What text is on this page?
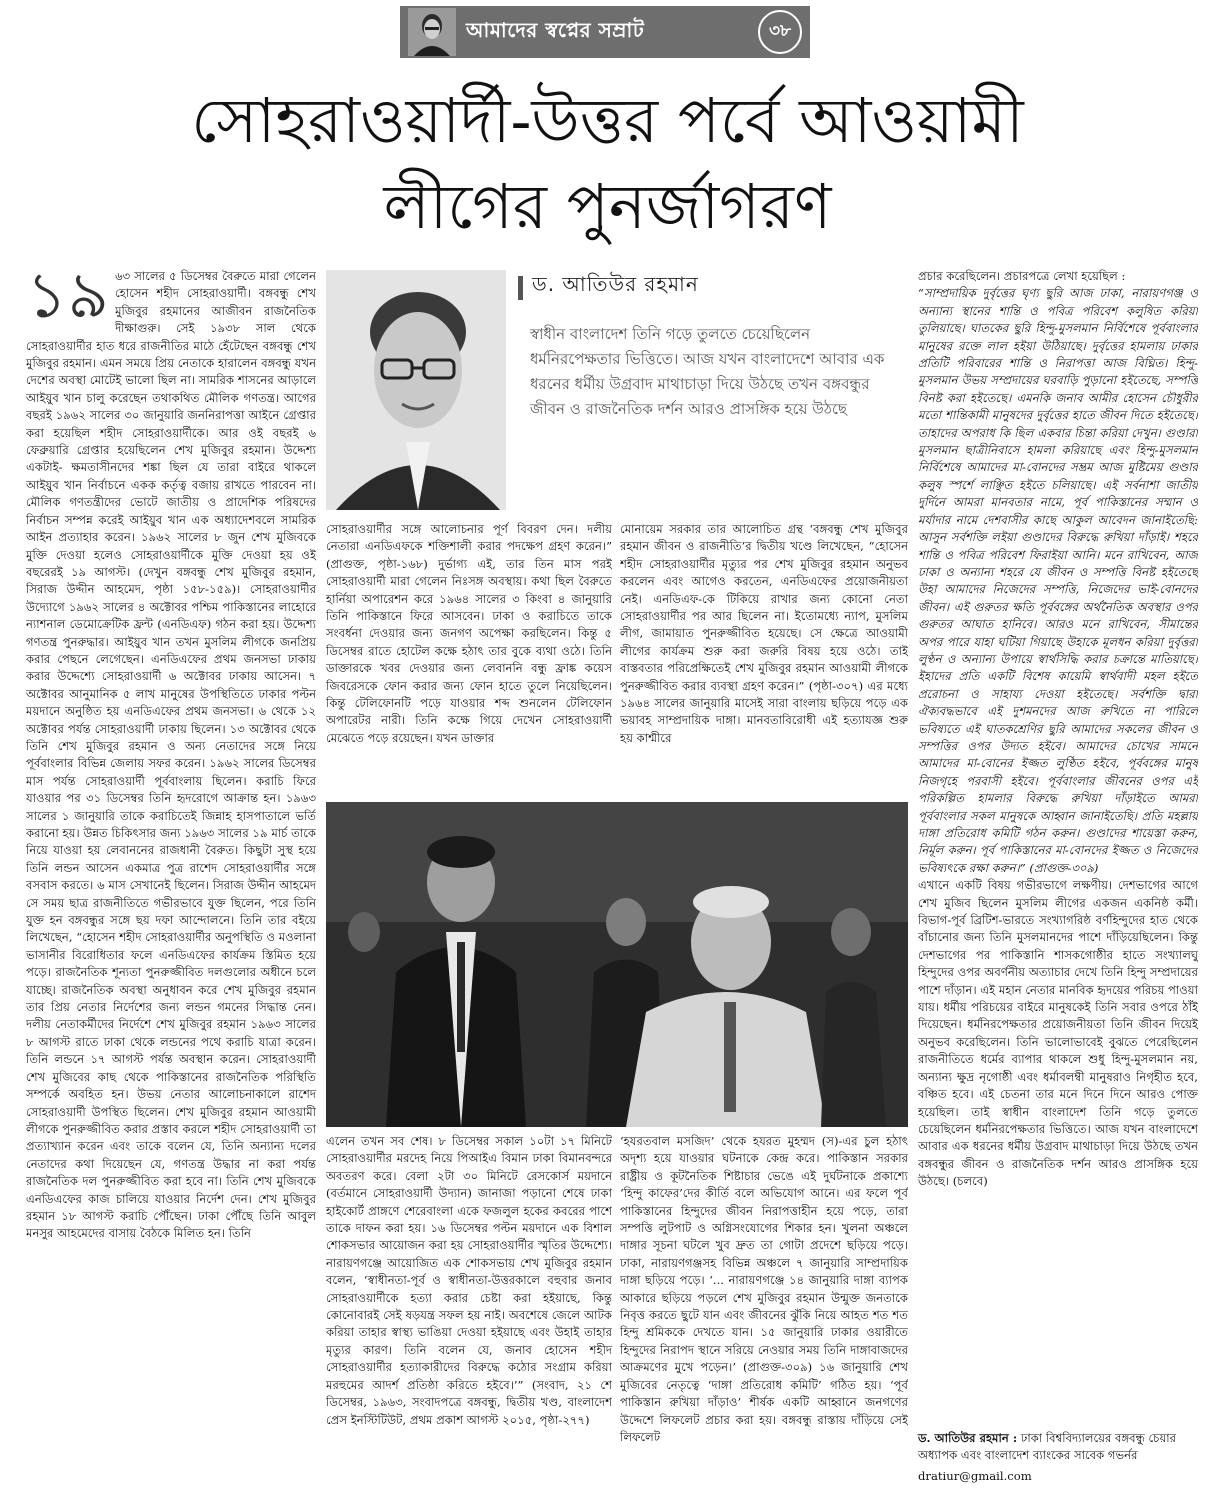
আমাদের স্বপ্নের সম্রাট	৩৮
সোহরাওয়ার্দী-উত্তর পর্বে আওয়ামী
লীগের পুনর্জাগরণ
১৯ ৬৩ সালের ৫ ডিসেম্বর বৈরুতে মারা গেলেন হোসেন শহীদ সোহরাওয়ার্দী। বঙ্গবন্ধু শেখ মুজিবুর রহমানের আজীবন রাজনৈতিক দীক্ষাগুরু। সেই ১৯৩৮ সাল থেকে সোহরাওয়ার্দীর হাত ধরে রাজনীতির মাঠে হেঁটেছেন বঙ্গবন্ধু শেখ মুজিবুর রহমান। এমন সময়ে প্রিয় নেতাকে হারালেন বঙ্গবন্ধু যখন দেশের অবস্থা মোটেই ভালো ছিল না। সামরিক শাসনের আড়ালে আইয়ুব খান চালু করেছেন তথাকথিত মৌলিক গণতন্ত্র। আগের বছরই ১৯৬২ সালের ৩০ জানুয়ারি জননিরাপত্তা আইনে গ্রেপ্তার করা হয়েছিল শহীদ সোহরাওয়ার্দীকে। আর ওই বছরই ৬ ফেব্রুয়ারি গ্রেপ্তার হয়েছিলেন শেখ মুজিবুর রহমান। উদ্দেশ্য একটাই- ক্ষমতাসীনদের শঙ্কা ছিল যে তারা বাইরে থাকলে আইয়ুব খান নির্বাচনে একক কর্তৃত্ব বজায় রাখতে পারবেন না। মৌলিক গণতন্ত্রীদের ভোটে জাতীয় ও প্রাদেশিক পরিষদের নির্বাচন সম্পন্ন করেই আইয়ুব খান এক অধ্যাদেশবলে সামরিক আইন প্রত্যাহার করেন। ১৯৬২ সালের ৮ জুন শেখ মুজিবকে মুক্তি দেওয়া হলেও সোহরাওয়ার্দীকে মুক্তি দেওয়া হয় ওই বছরেরই ১৯ আগস্ট। (দেখুন বঙ্গবন্ধু শেখ মুজিবুর রহমান, সিরাজ উদ্দীন আহমেদ, পৃষ্ঠা ১৫৮-১৫৯)। সোহরাওয়ার্দীর উদ্যোগে ১৯৬২ সালের ৪ অক্টোবর পশ্চিম পাকিস্তানের লাহোরে ন্যাশনাল ডেমোক্রেটিক ফ্রন্ট (এনডিএফ) গঠন করা হয়। উদ্দেশ্য গণতন্ত্র পুনরুদ্ধার। আইয়ুব খান তখন মুসলিম লীগকে জনপ্রিয় করার পেছনে লেগেছেন। এনডিএফের প্রথম জনসভা ঢাকায় করার উদ্দেশ্যে সোহরাওয়ার্দী ৬ অক্টোবর ঢাকায় আসেন। ৭ অক্টোবর আনুমানিক ৫ লাখ মানুষের উপস্থিতিতে ঢাকার পল্টন ময়দানে অনুষ্ঠিত হয় এনডিএফের প্রথম জনসভা। ৬ থেকে ১২ অক্টোবর পর্যন্ত সোহরাওয়ার্দী ঢাকায় ছিলেন। ১৩ অক্টোবর থেকে তিনি শেখ মুজিবুর রহমান ও অন্য নেতাদের সঙ্গে নিয়ে পূর্ববাংলার বিভিন্ন জেলায় সফর করেন। ১৯৬২ সালের ডিসেম্বর মাস পর্যন্ত সোহরাওয়ার্দী পূর্ববাংলায় ছিলেন। করাচি ফিরে যাওয়ার পর ৩১ ডিসেম্বর তিনি হৃদরোগে আক্রান্ত হন। ১৯৬৩ সালের ১ জানুয়ারি তাকে করাচিতেই জিন্নাহ হাসপাতালে ভর্তি করানো হয়। উন্নত চিকিৎসার জন্য ১৯৬৩ সালের ১৯ মার্চ তাকে নিয়ে যাওয়া হয় লেবাননের রাজধানী বৈরুত। কিছুটা সুস্থ হয়ে তিনি লন্ডন আসেন একমাত্র পুত্র রাশেদ সোহরাওয়ার্দীর সঙ্গে বসবাস করতে। ৬ মাস সেখানেই ছিলেন। সিরাজ উদ্দীন আহমেদ সে সময় ছাত্র রাজনীতিতে গভীরভাবে যুক্ত ছিলেন, পরে তিনি যুক্ত হন বঙ্গবন্ধুর সঙ্গে ছয় দফা আন্দোলনে। তিনি তার বইয়ে লিখেছেন, “হোসেন শহীদ সোহরাওয়ার্দীর অনুপস্থিতি ও মওলানা ভাসানীর বিরোধিতার ফলে এনডিএফের কার্যক্রম স্তিমিত হয়ে পড়ে। রাজনৈতিক শূন্যতা পুনরুজ্জীবিত দলগুলোর অধীনে চলে যাচ্ছে। রাজনৈতিক অবস্থা অনুধাবন করে শেখ মুজিবুর রহমান তার প্রিয় নেতার নির্দেশের জন্য লন্ডন গমনের সিদ্ধান্ত নেন। দলীয় নেতাকর্মীদের নির্দেশে শেখ মুজিবুর রহমান ১৯৬৩ সালের ৮ আগস্ট রাতে ঢাকা থেকে লন্ডনের পথে করাচি যাত্রা করেন। তিনি লন্ডনে ১৭ আগস্ট পর্যন্ত অবস্থান করেন। সোহরাওয়ার্দী শেখ মুজিবের কাছ থেকে পাকিস্তানের রাজনৈতিক পরিস্থিতি সম্পর্কে অবহিত হন। উভয় নেতার আলোচনাকালে রাশেদ সোহরাওয়ার্দী উপস্থিত ছিলেন। শেখ মুজিবুর রহমান আওয়ামী লীগকে পুনরুজ্জীবিত করার প্রস্তাব করলে শহীদ সোহরাওয়ার্দী তা প্রত্যাখ্যান করেন এবং তাকে বলেন যে, তিনি অন্যান্য দলের নেতাদের কথা দিয়েছেন যে, গণতন্ত্র উদ্ধার না করা পর্যন্ত রাজনৈতিক দল পুনরুজ্জীবিত করা হবে না। তিনি শেখ মুজিবকে এনডিএফের কাজ চালিয়ে যাওয়ার নির্দেশ দেন। শেখ মুজিবুর রহমান ১৮ আগস্ট করাচি পৌঁছেন। ঢাকা পৌঁছে তিনি আবুল মনসুর আহমেদের বাসায় বৈঠকে মিলিত হন। তিনি

ড. আতিউর রহমান
স্বাধীন বাংলাদেশ তিনি গড়ে তুলতে চেয়েছিলেন ধর্মনিরপেক্ষতার ভিত্তিতে। আজ যখন বাংলাদেশে আবার এক ধরনের ধর্মীয় উগ্রবাদ মাথাচাড়া দিয়ে উঠছে তখন বঙ্গবন্ধুর জীবন ও রাজনৈতিক দর্শন আরও প্রাসঙ্গিক হয়ে উঠছে

সোহরাওয়ার্দীর সঙ্গে আলোচনার পূর্ণ বিবরণ দেন। দলীয় নেতারা এনডিএফকে শক্তিশালী করার পদক্ষেপ গ্রহণ করেন।” (প্রাগুক্ত, পৃষ্ঠা-১৬৮) দুর্ভাগ্য এই, তার তিন মাস পরই সোহরাওয়ার্দী মারা গেলেন নিঃসঙ্গ অবস্থায়। কথা ছিল বৈরুতে হার্নিয়া অপারেশন করে ১৯৬৪ সালের ৩ কিংবা ৪ জানুয়ারি তিনি পাকিস্তানে ফিরে আসবেন। ঢাকা ও করাচিতে তাকে সংবর্ধনা দেওয়ার জন্য জনগণ অপেক্ষা করছিলেন। কিন্তু ৫ ডিসেম্বর রাতে হোটেল কক্ষে হঠাৎ তার বুকে ব্যথা ওঠে। তিনি ডাক্তারকে খবর দেওয়ার জন্য লেবাননি বন্ধু ফ্রাঙ্ক কয়েস জিবরেসকে ফোন করার জন্য ফোন হাতে তুলে নিয়েছিলেন। কিন্তু টেলিফোনটি পড়ে যাওয়ার শব্দ শুনলেন টেলিফোন অপারেটর নারী। তিনি কক্ষে গিয়ে দেখেন সোহরাওয়ার্দী মেঝেতে পড়ে রয়েছেন। যখন ডাক্তার

মোনায়েম সরকার তার আলোচিত গ্রন্থ ‘বঙ্গবন্ধু শেখ মুজিবুর রহমান জীবন ও রাজনীতি’র দ্বিতীয় খণ্ডে লিখেছেন, “হোসেন শহীদ সোহরাওয়ার্দীর মৃত্যুর পর শেখ মুজিবুর রহমান অনুভব করলেন এবং আগেও করতেন, এনডিএফের প্রয়োজনীয়তা নেই। এনডিএফ-কে টিকিয়ে রাখার জন্য কোনো নেতা সোহরাওয়ার্দীর পর আর ছিলেন না। ইতোমধ্যে ন্যাপ, মুসলিম লীগ, জামায়াত পুনরুজ্জীবিত হয়েছে। সে ক্ষেত্রে আওয়ামী লীগের কার্যক্রম শুরু করা জরুরি বিষয় হয়ে ওঠে। তাই বাস্তবতার পরিপ্রেক্ষিতেই শেখ মুজিবুর রহমান আওয়ামী লীগকে পুনরুজ্জীবিত করার ব্যবস্থা গ্রহণ করেন।” (পৃষ্ঠা-৩০৭) এর মধ্যে ১৯৬৪ সালের জানুয়ারি মাসেই সারা বাংলায় ছড়িয়ে পড়ে এক ভয়াবহ সাম্প্রদায়িক দাঙ্গা। মানবতাবিরোধী এই হত্যাযজ্ঞ শুরু হয় কাশ্মীরে

এলেন তখন সব শেষ। ৮ ডিসেম্বর সকাল ১০টা ১৭ মিনিটে সোহরাওয়ার্দীর মরদেহ নিয়ে পিআইএ বিমান ঢাকা বিমানবন্দরে অবতরণ করে। বেলা ২টা ৩০ মিনিটে রেসকোর্স ময়দানে (বর্তমানে সোহরাওয়ার্দী উদ্যান) জানাজা পড়ানো শেষে ঢাকা হাইকোর্ট প্রাঙ্গণে শেরেবাংলা একে ফজলুল হকের কবরের পাশে তাকে দাফন করা হয়। ১৬ ডিসেম্বর পল্টন ময়দানে এক বিশাল শোকসভার আয়োজন করা হয় সোহরাওয়ার্দীর স্মৃতির উদ্দেশ্যে। নারায়ণগঞ্জে আয়োজিত এক শোকসভায় শেখ মুজিবুর রহমান বলেন, ‘স্বাধীনতা-পূর্ব ও স্বাধীনতা-উত্তরকালে বহুবার জনাব সোহরাওয়ার্দীকে হত্যা করার চেষ্টা করা হইয়াছে, কিন্তু কোনোবারই সেই ষড়যন্ত্র সফল হয় নাই। অবশেষে জেলে আটক করিয়া তাহার স্বাস্থ্য ভাঙিয়া দেওয়া হইয়াছে এবং উহাই তাহার মৃত্যুর কারণ। তিনি বলেন যে, জনাব হোসেন শহীদ সোহরাওয়ার্দীর হত্যাকারীদের বিরুদ্ধে কঠোর সংগ্রাম করিয়া মরহুমের আদর্শ প্রতিষ্ঠা করিতে হইবে।’” (সংবাদ, ২১ শে ডিসেম্বর, ১৯৬৩, সংবাদপত্রে বঙ্গবন্ধু, দ্বিতীয় খণ্ড, বাংলাদেশ প্রেস ইনস্টিটিউট, প্রথম প্রকাশ আগস্ট ২০১৫, পৃষ্ঠা-২৭৭)

‘হযরতবাল মসজিদ’ থেকে হযরত মুহম্মদ (স)-এর চুল হঠাৎ অদৃশ্য হয়ে যাওয়ার ঘটনাকে কেন্দ্র করে। পাকিস্তান সরকার রাষ্ট্রীয় ও কূটনৈতিক শিষ্টাচার ভেঙে এই দুর্ঘটনাকে প্রকাশ্যে ‘হিন্দু কাফের’দের কীর্তি বলে অভিযোগ আনে। এর ফলে পূর্ব পাকিস্তানের হিন্দুদের জীবন নিরাপত্তাহীন হয়ে পড়ে, তারা সম্পত্তি লুটপাট ও অগ্নিসংযোগের শিকার হন। খুলনা অঞ্চলে দাঙ্গার সূচনা ঘটলে খুব দ্রুত তা গোটা প্রদেশে ছড়িয়ে পড়ে। ঢাকা, নারায়ণগঞ্জসহ বিভিন্ন অঞ্চলে ৭ জানুয়ারি সাম্প্রদায়িক দাঙ্গা ছড়িয়ে পড়ে। ‘... নারায়ণগঞ্জে ১৪ জানুয়ারি দাঙ্গা ব্যাপক আকারে ছড়িয়ে পড়লে শেখ মুজিবুর রহমান উন্মুক্ত জনতাকে নিবৃত্ত করতে ছুটে যান এবং জীবনের ঝুঁকি নিয়ে আহত শত শত হিন্দু শ্রমিককে দেখতে যান। ১৫ জানুয়ারি ঢাকার ওয়ারীতে হিন্দুদের নিরাপদ স্থানে সরিয়ে নেওয়ার সময় তিনি দাঙ্গাবাজদের আক্রমণের মুখে পড়েন।’ (প্রাগুক্ত-৩০৯) ১৬ জানুয়ারি শেখ মুজিবের নেতৃত্বে ‘দাঙ্গা প্রতিরোধ কমিটি’ গঠিত হয়। ‘পূর্ব পাকিস্তান রুখিয়া দাঁড়াও’ শীর্ষক একটি আহ্বানে জনগণের উদ্দেশে লিফলেট প্রচার করা হয়। বঙ্গবন্ধু রাস্তায় দাঁড়িয়ে সেই লিফলেট

প্রচার করেছিলেন। প্রচারপত্রে লেখা হয়েছিল :

“সাম্প্রদায়িক দুর্বৃত্তের ঘৃণ্য ছুরি আজ ঢাকা, নারায়ণগঞ্জ ও অন্যান্য স্থানের শান্তি ও পবিত্র পরিবেশ কলুষিত করিয়া তুলিয়াছে। ঘাতকের ছুরি হিন্দু-মুসলমান নির্বিশেষে পূর্ববাংলার মানুষের রক্তে লাল হইয়া উঠিয়াছে। দুর্বৃত্তের হামলায় ঢাকার প্রতিটি পরিবারের শান্তি ও নিরাপত্তা আজ বিঘ্নিত। হিন্দু-মুসলমান উভয় সম্প্রদায়ের ঘরবাড়ি পুড়ানো হইতেছে, সম্পত্তি বিনষ্ট করা হইতেছে। এমনকি জনাব আমীর হোসেন চৌধুরীর মতো শান্তিকামী মানুষদের দুর্বৃত্তের হাতে জীবন দিতে হইতেছে। তাহাদের অপরাধ কি ছিল একবার চিন্তা করিয়া দেখুন। গুণ্ডারা মুসলমান ছাত্রীনিবাসে হামলা করিয়াছে এবং হিন্দু-মুসলমান নির্বিশেষে আমাদের মা-বোনদের সম্ভ্রম আজ মুষ্টিমেয় গুণ্ডার কলুষ স্পর্শে লাঞ্ছিত হইতে চলিয়াছে। এই সর্বনাশা জাতীয় দুর্দিনে আমরা মানবতার নামে, পূর্ব পাকিস্তানের সম্মান ও মর্যাদার নামে দেশবাসীর কাছে আকুল আবেদন জানাইতেছি: আসুন সর্বশক্তি লইয়া গুণ্ডাদের বিরুদ্ধে রুখিয়া দাঁড়াই। শহরে শান্তি ও পবিত্র পরিবেশ ফিরাইয়া আনি। মনে রাখিবেন, আজ ঢাকা ও অন্যান্য শহরে যে জীবন ও সম্পত্তি বিনষ্ট হইতেছে উহা আমাদের নিজেদের সম্পত্তি, নিজেদের ভাই-বোনদের জীবন। এই গুরুতর ক্ষতি পূর্ববঙ্গের অর্থনৈতিক অবস্থার ওপর গুরুতর আঘাত হানিবে। আরও মনে রাখিবেন, সীমান্তের অপর পারে যাহা ঘটিয়া গিয়াছে উহাকে মূলধন করিয়া দুর্বৃত্তরা লুণ্ঠন ও অন্যান্য উপায়ে স্বার্থসিদ্ধি করার চক্রান্তে মাতিয়াছে। ইহাদের প্রতি একটি বিশেষ কায়েমি স্বার্থবাদী মহল হইতে প্ররোচনা ও সাহায্য দেওয়া হইতেছে। সর্বশক্তি দ্বারা ঐক্যবদ্ধভাবে এই দুশমনদের আজ রুখিতে না পারিলে ভবিষ্যতে এই ঘাতকশ্রেণির ছুরি আমাদের সকলের জীবন ও সম্পত্তির ওপর উদ্যত হইবে। আমাদের চোখের সামনে আমাদের মা-বোনের ইজ্জত লুণ্ঠিত হইবে, পূর্ববঙ্গের মানুষ নিজগৃহে পরবাসী হইবে। পূর্ববাংলার জীবনের ওপর এই পরিকল্পিত হামলার বিরুদ্ধে রুখিয়া দাঁড়াইতে আমরা পূর্ববাংলার সকল মানুষকে আহ্বান জানাইতেছি। প্রতি মহল্লায় দাঙ্গা প্রতিরোধ কমিটি গঠন করুন। গুণ্ডাদের শায়েস্তা করুন, নির্মূল করুন। পূর্ব পাকিস্তানের মা-বোনদের ইজ্জত ও নিজেদের ভবিষ্যৎকে রক্ষা করুন।” (প্রাগুক্ত-৩০৯)

এখানে একটি বিষয় গভীরভাগে লক্ষণীয়। দেশভাগের আগে শেখ মুজিব ছিলেন মুসলিম লীগের একজন একনিষ্ঠ কর্মী। বিভাগ-পূর্ব ব্রিটিশ-ভারতে সংখ্যাগরিষ্ঠ বর্ণহিন্দুদের হাত থেকে বাঁচানোর জন্য তিনি মুসলমানদের পাশে দাঁড়িয়েছিলেন। কিন্তু দেশভাগের পর পাকিস্তানি শাসকগোষ্ঠীর হাতে সংখ্যালঘু হিন্দুদের ওপর অবর্ণনীয় অত্যাচার দেখে তিনি হিন্দু সম্প্রদায়ের পাশে দাঁড়ান। এই মহান নেতার মানবিক হৃদয়ের পরিচয় পাওয়া যায়। ধর্মীয় পরিচয়ের বাইরে মানুষকেই তিনি সবার ওপরে ঠাঁই দিয়েছেন। ধর্মনিরপেক্ষতার প্রয়োজনীয়তা তিনি জীবন দিয়েই অনুভব করেছিলেন। তিনি ভালোভাবেই বুঝতে পেরেছিলেন রাজনীতিতে ধর্মের ব্যাপার থাকলে শুধু হিন্দু-মুসলমান নয়, অন্যান্য ক্ষুদ্র নৃগোষ্ঠী এবং ধর্মাবলম্বী মানুষরাও নিগৃহীত হবে, বঞ্চিত হবে। এই চেতনা তার মনে দিনে দিনে আরও পোক্ত হয়েছিল। তাই স্বাধীন বাংলাদেশ তিনি গড়ে তুলতে চেয়েছিলেন ধর্মনিরপেক্ষতার ভিত্তিতে। আজ যখন বাংলাদেশে আবার এক ধরনের ধর্মীয় উগ্রবাদ মাথাচাড়া দিয়ে উঠছে তখন বঙ্গবন্ধুর জীবন ও রাজনৈতিক দর্শন আরও প্রাসঙ্গিক হয়ে উঠছে। (চলবে)

ড. আতিউর রহমান : ঢাকা বিশ্ববিদ্যালয়ের বঙ্গবন্ধু চেয়ার অধ্যাপক এবং বাংলাদেশ ব্যাংকের সাবেক গভর্নর
dratiur@gmail.com
